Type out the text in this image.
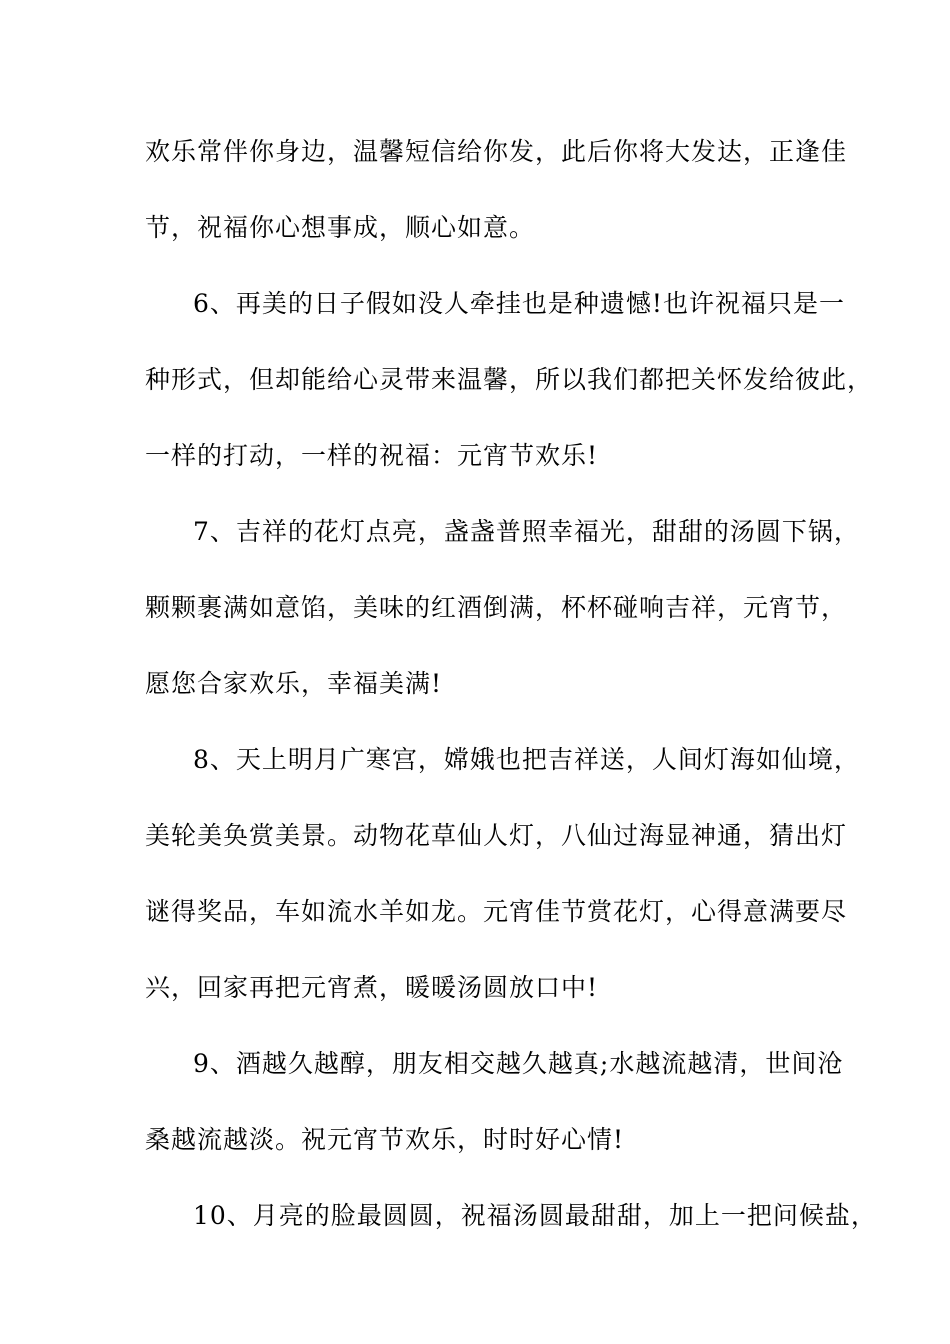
欢乐常伴你身边，温馨短信给你发，此后你将大发达，正逢佳
节，祝福你心想事成，顺心如意。
6、再美的日子假如没人牵挂也是种遗憾!也许祝福只是一
种形式，但却能给心灵带来温馨，所以我们都把关怀发给彼此，
一样的打动，一样的祝福：元宵节欢乐!
7、吉祥的花灯点亮，盏盏普照幸福光，甜甜的汤圆下锅，
颗颗裹满如意馅，美味的红酒倒满，杯杯碰响吉祥，元宵节，
愿您合家欢乐，幸福美满!
8、天上明月广寒宫，嫦娥也把吉祥送，人间灯海如仙境，
美轮美奂赏美景。动物花草仙人灯，八仙过海显神通，猜出灯
谜得奖品，车如流水羊如龙。元宵佳节赏花灯，心得意满要尽
兴，回家再把元宵煮，暖暖汤圆放口中!
9、酒越久越醇，朋友相交越久越真;水越流越清，世间沧
桑越流越淡。祝元宵节欢乐，时时好心情!
10、月亮的脸最圆圆，祝福汤圆最甜甜，加上一把问候盐，
